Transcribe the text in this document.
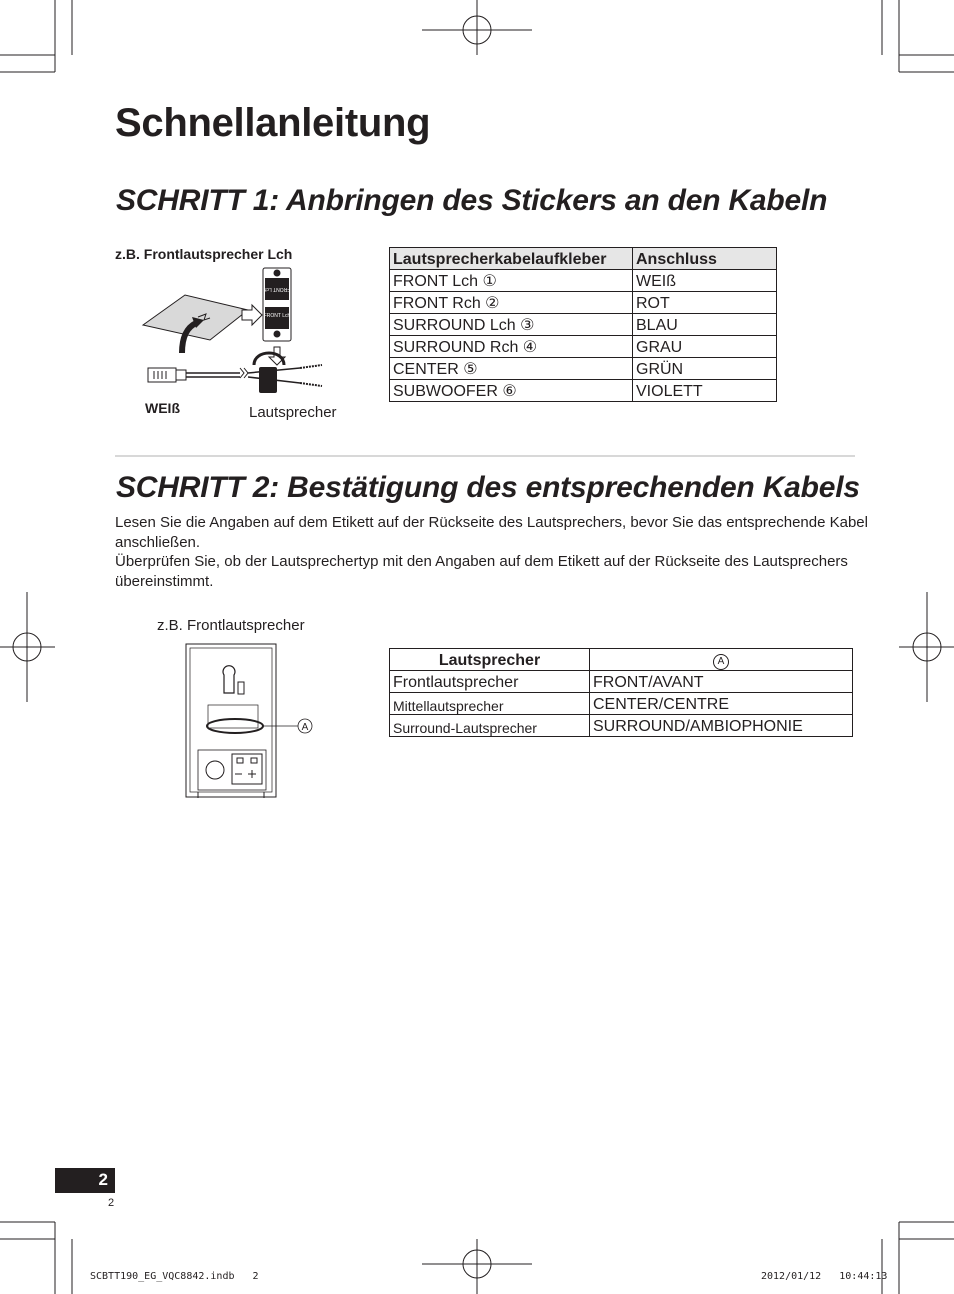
Schnellanleitung
SCHRITT 1: Anbringen des Stickers an den Kabeln
z.B. Frontlautsprecher Lch
FRONT Lch
FRONT Lch
WEIß	Lautsprecher
Lautsprecherkabelaufkleber	Anschluss
FRONT Lch ①	WEIß
FRONT Rch ②	ROT
SURROUND Lch ③	BLAU
SURROUND Rch ④	GRAU
CENTER ⑤	GRÜN
SUBWOOFER ⑥	VIOLETT
SCHRITT 2: Bestätigung des entsprechenden Kabels

Lesen Sie die Angaben auf dem Etikett auf der Rückseite des Lautsprechers, bevor Sie das entsprechende Kabel anschließen.

Überprüfen Sie, ob der Lautsprechertyp mit den Angaben auf dem Etikett auf der Rückseite des Lautsprechers übereinstimmt.

z.B. Frontlautsprecher
A
Lautsprecher	A
Frontlautsprecher	FRONT/AVANT
Mittellautsprecher	CENTER/CENTRE
Surround-Lautsprecher	SURROUND/AMBIOPHONIE
2
2
SCBTT190_EG_VQC8842.indb   2	2012/01/12   10:44:13
